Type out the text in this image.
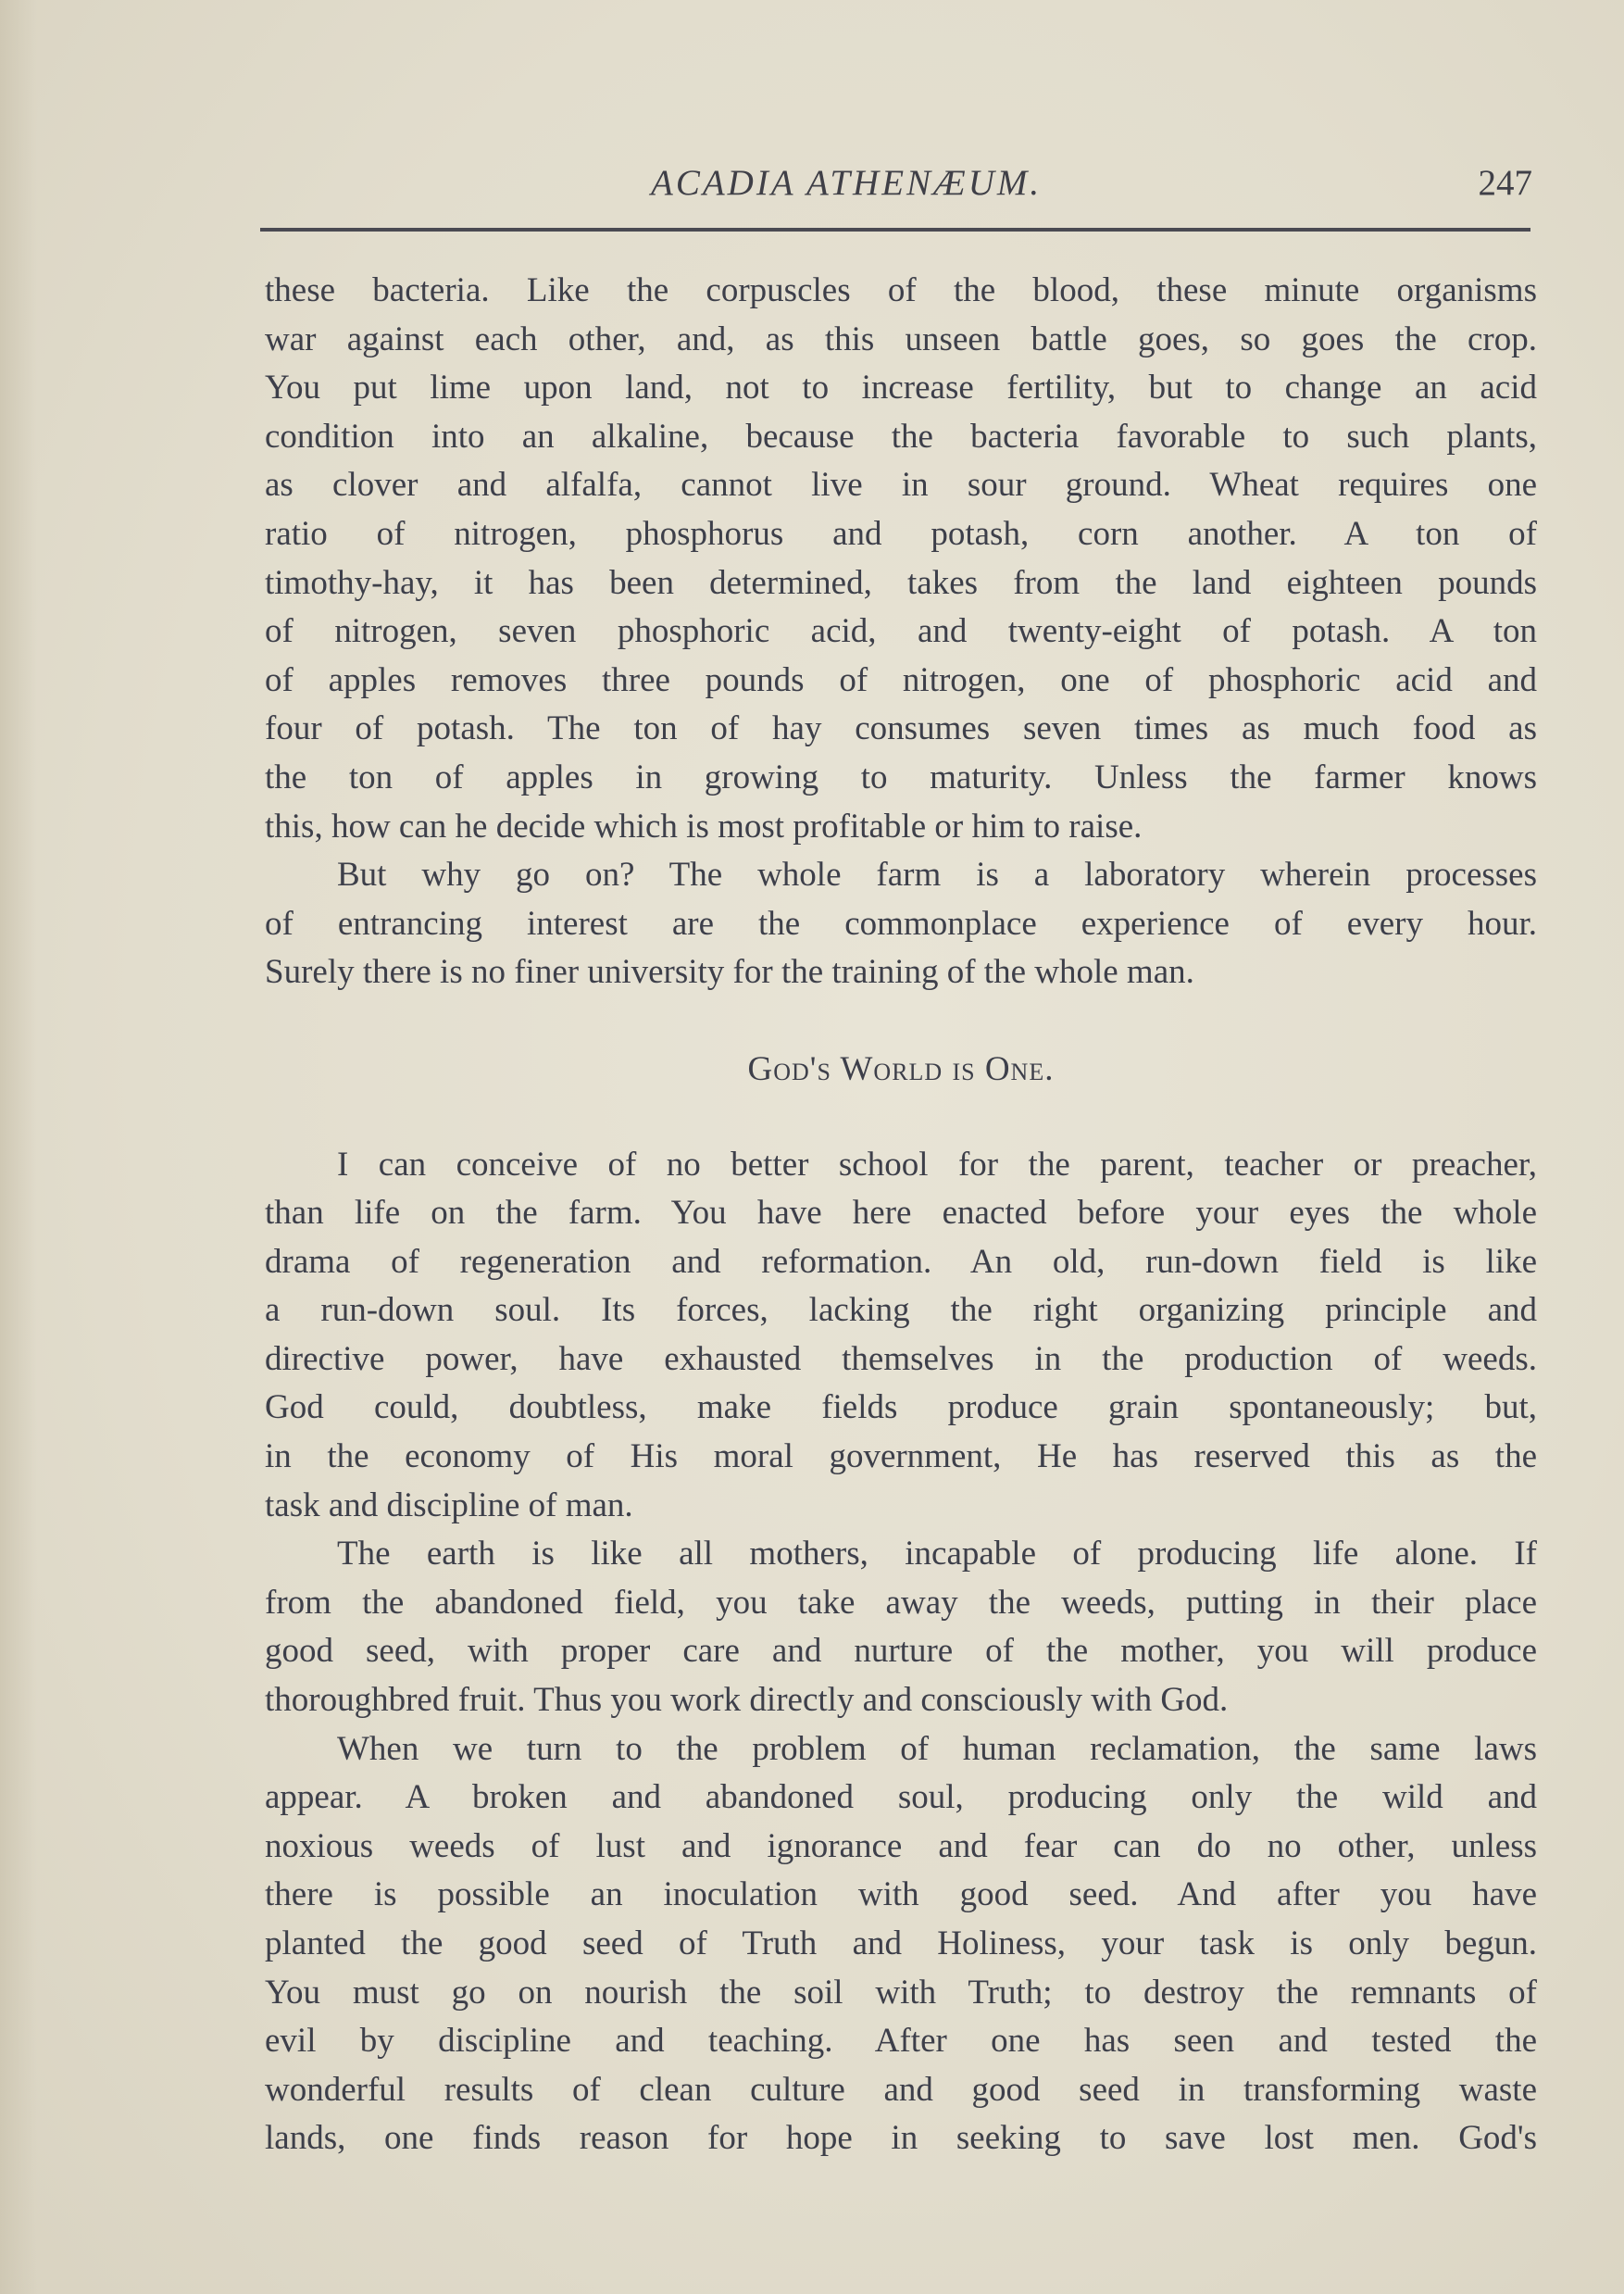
ACADIA ATHENÆUM.	247

these bacteria. Like the corpuscles of the blood, these minute organisms

war against each other, and, as this unseen battle goes, so goes the crop.

You put lime upon land, not to increase fertility, but to change an acid

condition into an alkaline, because the bacteria favorable to such plants,

as clover and alfalfa, cannot live in sour ground. Wheat requires one

ratio of nitrogen, phosphorus and potash, corn another. A ton of

timothy-hay, it has been determined, takes from the land eighteen pounds

of nitrogen, seven phosphoric acid, and twenty-eight of potash. A ton

of apples removes three pounds of nitrogen, one of phosphoric acid and

four of potash. The ton of hay consumes seven times as much food as

the ton of apples in growing to maturity. Unless the farmer knows

this, how can he decide which is most profitable or him to raise.

But why go on? The whole farm is a laboratory wherein processes

of entrancing interest are the commonplace experience of every hour.

Surely there is no finer university for the training of the whole man.

God's World is One.

I can conceive of no better school for the parent, teacher or preacher,

than life on the farm. You have here enacted before your eyes the whole

drama of regeneration and reformation. An old, run-down field is like

a run-down soul. Its forces, lacking the right organizing principle and

directive power, have exhausted themselves in the production of weeds.

God could, doubtless, make fields produce grain spontaneously; but,

in the economy of His moral government, He has reserved this as the

task and discipline of man.

The earth is like all mothers, incapable of producing life alone. If

from the abandoned field, you take away the weeds, putting in their place

good seed, with proper care and nurture of the mother, you will produce

thoroughbred fruit. Thus you work directly and consciously with God.

When we turn to the problem of human reclamation, the same laws

appear. A broken and abandoned soul, producing only the wild and

noxious weeds of lust and ignorance and fear can do no other, unless

there is possible an inoculation with good seed. And after you have

planted the good seed of Truth and Holiness, your task is only begun.

You must go on nourish the soil with Truth; to destroy the remnants of

evil by discipline and teaching. After one has seen and tested the

wonderful results of clean culture and good seed in transforming waste

lands, one finds reason for hope in seeking to save lost men. God's
